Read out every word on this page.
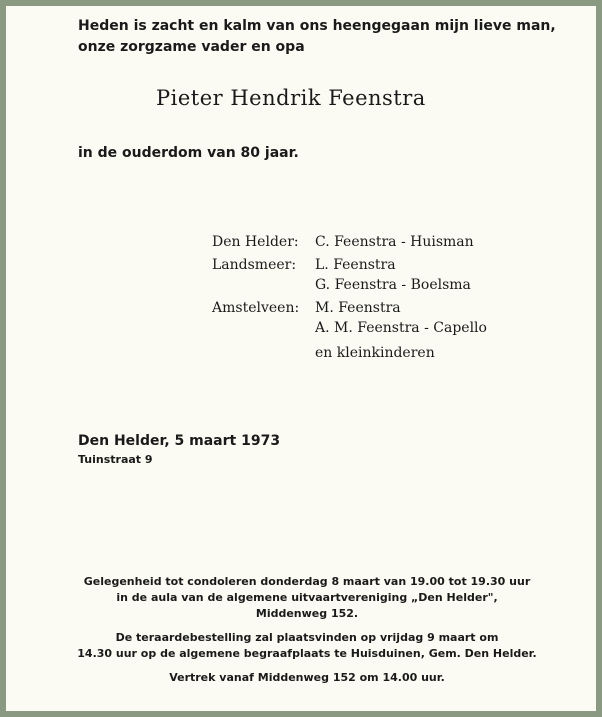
Heden is zacht en kalm van ons heengegaan mijn lieve man,
onze zorgzame vader en opa
Pieter Hendrik Feenstra
in de ouderdom van 80 jaar.
Den Helder:	C. Feenstra - Huisman
Landsmeer:	L. Feenstra
G. Feenstra - Boelsma
Amstelveen:	M. Feenstra
A. M. Feenstra - Capello
en kleinkinderen
Den Helder, 5 maart 1973
Tuinstraat 9

Gelegenheid tot condoleren donderdag 8 maart van 19.00 tot 19.30 uur
in de aula van de algemene uitvaartvereniging „Den Helder",
Middenweg 152.

De teraardebestelling zal plaatsvinden op vrijdag 9 maart om
14.30 uur op de algemene begraafplaats te Huisduinen, Gem. Den Helder.

Vertrek vanaf Middenweg 152 om 14.00 uur.
